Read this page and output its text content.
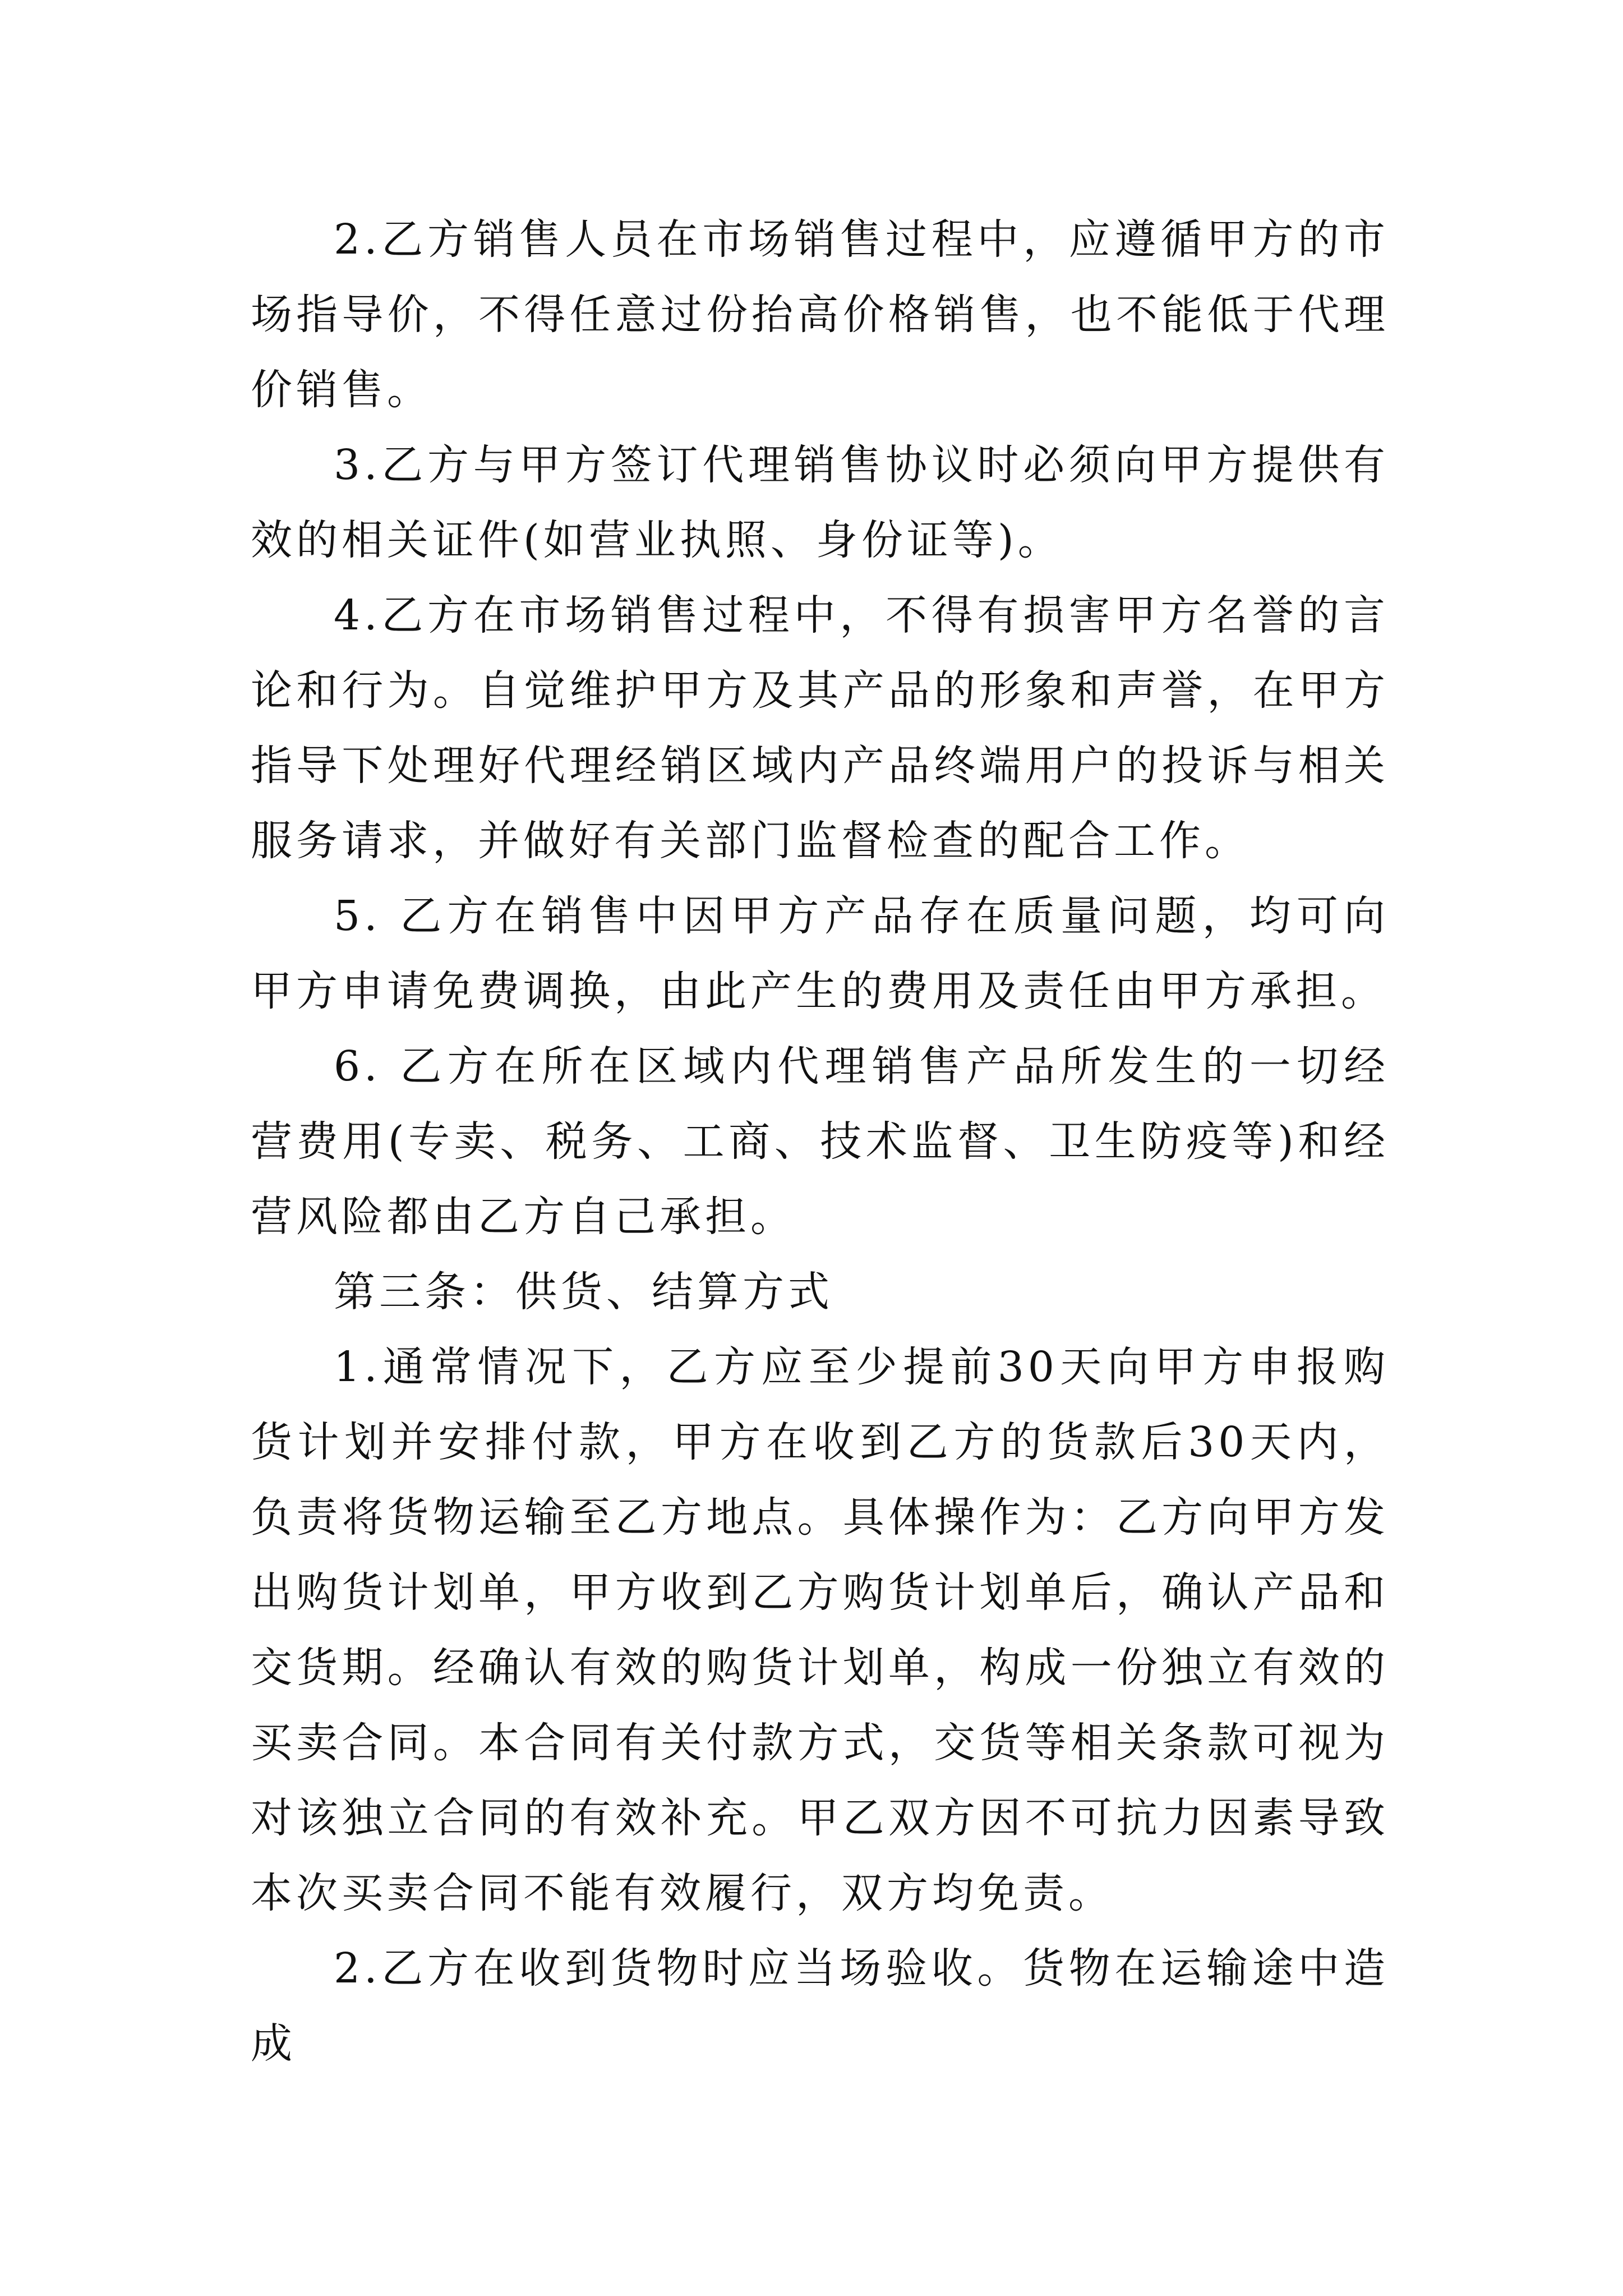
2.乙方销售人员在市场销售过程中，应遵循甲方的市场指导价，不得任意过份抬高价格销售，也不能低于代理价销售。

3.乙方与甲方签订代理销售协议时必须向甲方提供有效的相关证件(如营业执照、身份证等)。

4.乙方在市场销售过程中，不得有损害甲方名誉的言论和行为。自觉维护甲方及其产品的形象和声誉，在甲方指导下处理好代理经销区域内产品终端用户的投诉与相关服务请求，并做好有关部门监督检查的配合工作。

5. 乙方在销售中因甲方产品存在质量问题，均可向甲方申请免费调换，由此产生的费用及责任由甲方承担。

6. 乙方在所在区域内代理销售产品所发生的一切经营费用(专卖、税务、工商、技术监督、卫生防疫等)和经营风险都由乙方自己承担。

第三条：供货、结算方式

1.通常情况下，乙方应至少提前30天向甲方申报购货计划并安排付款，甲方在收到乙方的货款后30天内，负责将货物运输至乙方地点。具体操作为：乙方向甲方发出购货计划单，甲方收到乙方购货计划单后，确认产品和交货期。经确认有效的购货计划单，构成一份独立有效的买卖合同。本合同有关付款方式，交货等相关条款可视为对该独立合同的有效补充。甲乙双方因不可抗力因素导致本次买卖合同不能有效履行，双方均免责。

2.乙方在收到货物时应当场验收。货物在运输途中造成
